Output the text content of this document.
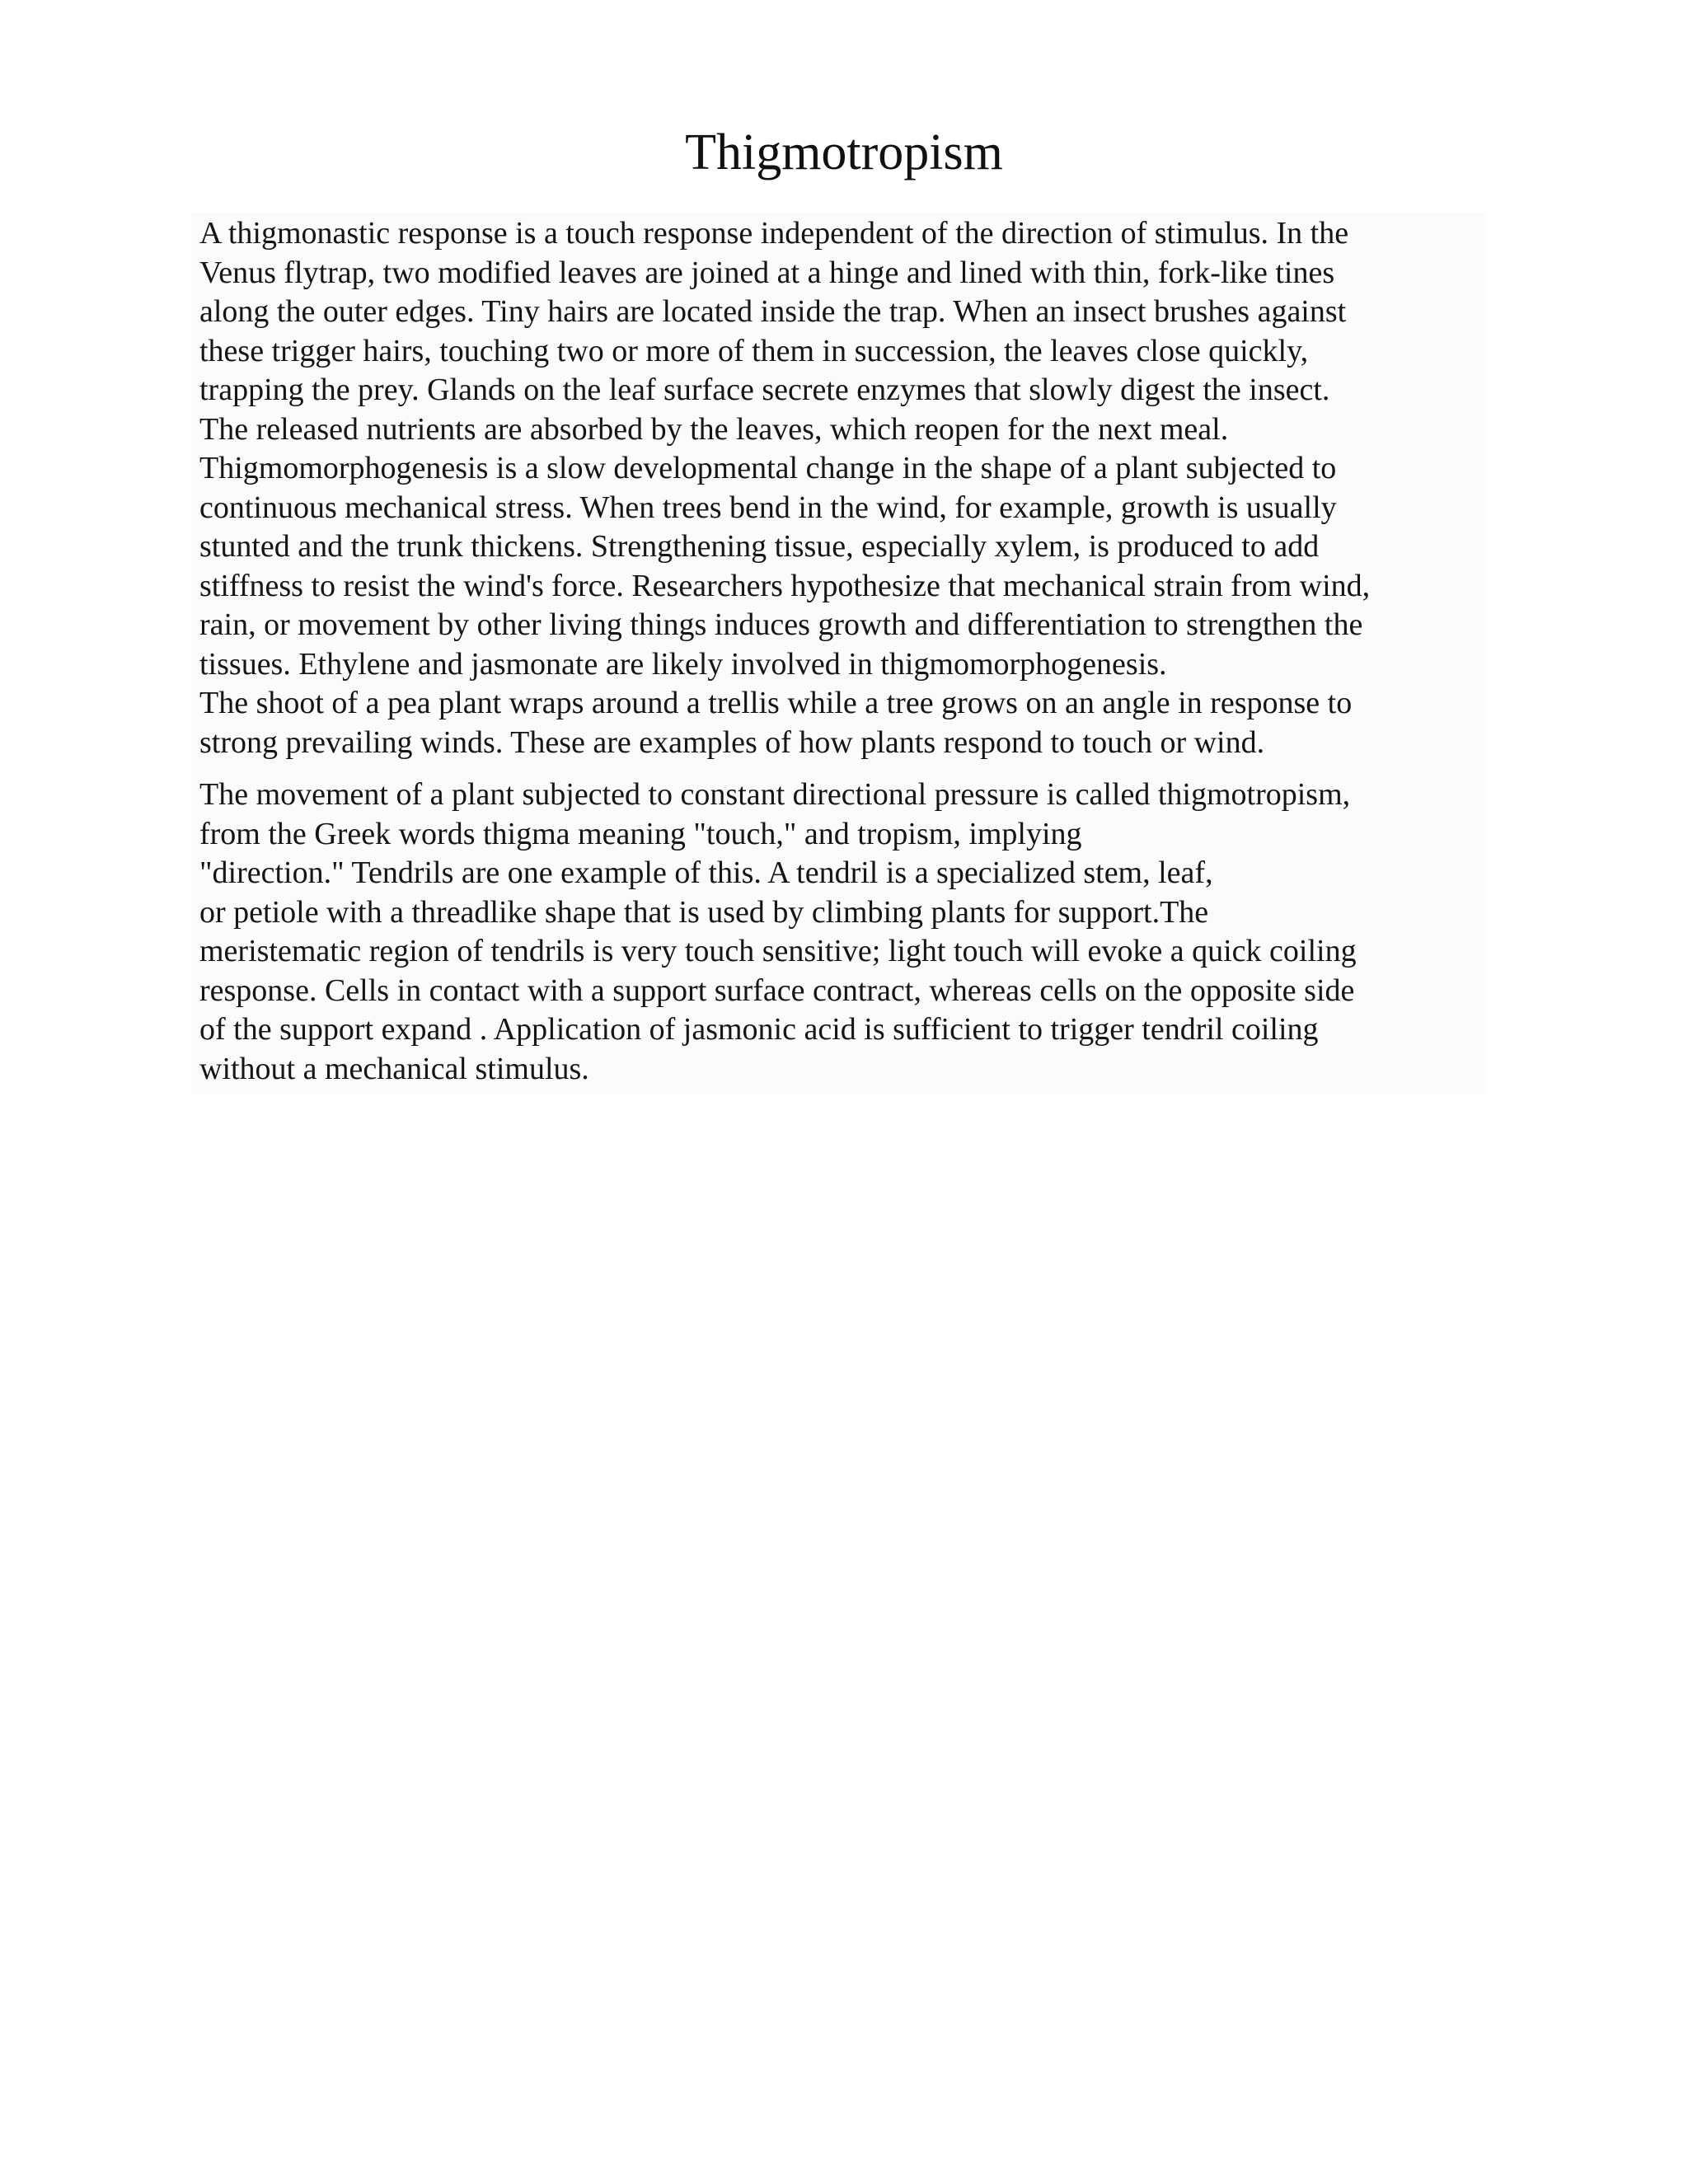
Thigmotropism
A thigmonastic response is a touch response independent of the direction of stimulus. In the
Venus flytrap, two modified leaves are joined at a hinge and lined with thin, fork-like tines
along the outer edges. Tiny hairs are located inside the trap. When an insect brushes against
these trigger hairs, touching two or more of them in succession, the leaves close quickly,
trapping the prey. Glands on the leaf surface secrete enzymes that slowly digest the insect.
The released nutrients are absorbed by the leaves, which reopen for the next meal.
Thigmomorphogenesis is a slow developmental change in the shape of a plant subjected to
continuous mechanical stress. When trees bend in the wind, for example, growth is usually
stunted and the trunk thickens. Strengthening tissue, especially xylem, is produced to add
stiffness to resist the wind's force. Researchers hypothesize that mechanical strain from wind,
rain, or movement by other living things induces growth and differentiation to strengthen the
tissues. Ethylene and jasmonate are likely involved in thigmomorphogenesis.
The shoot of a pea plant wraps around a trellis while a tree grows on an angle in response to
strong prevailing winds. These are examples of how plants respond to touch or wind.
The movement of a plant subjected to constant directional pressure is called thigmotropism,
from the Greek words thigma meaning "touch," and tropism, implying
"direction." Tendrils are one example of this. A tendril is a specialized stem, leaf,
or petiole with a threadlike shape that is used by climbing plants for support.The
meristematic region of tendrils is very touch sensitive; light touch will evoke a quick coiling
response. Cells in contact with a support surface contract, whereas cells on the opposite side
of the support expand . Application of jasmonic acid is sufficient to trigger tendril coiling
without a mechanical stimulus.
